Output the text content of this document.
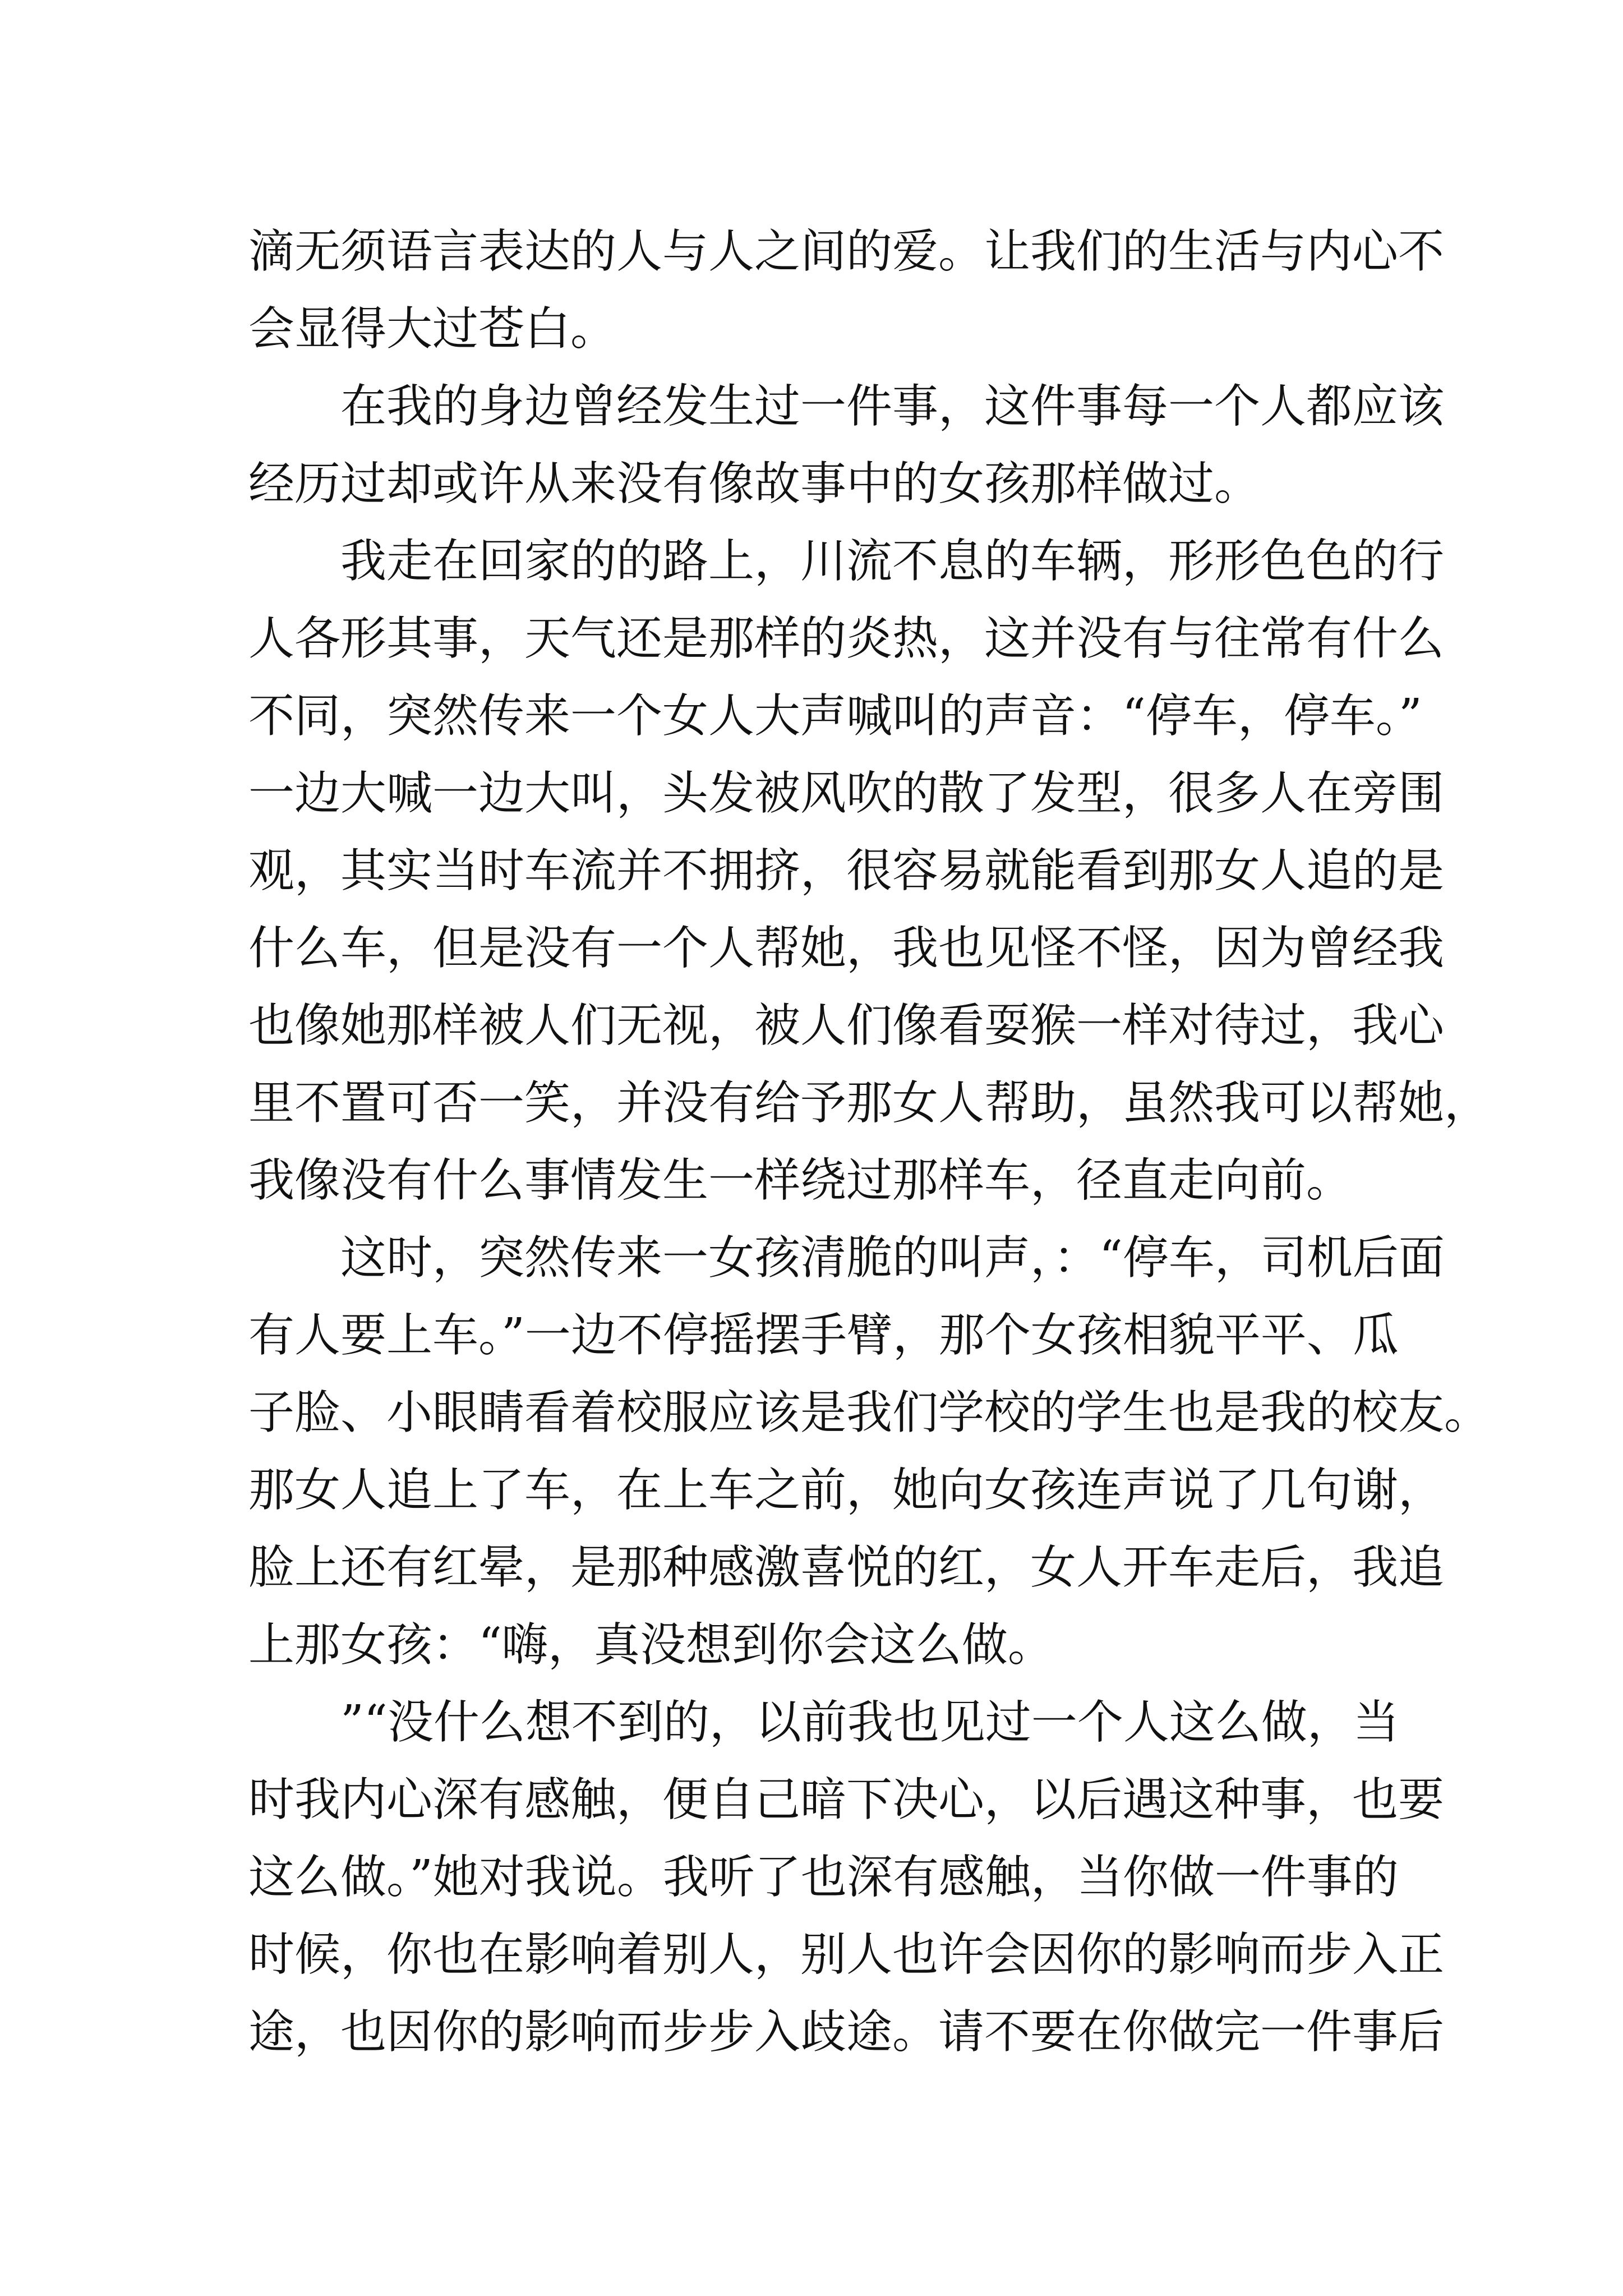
滴无须语言表达的人与人之间的爱。让我们的生活与内心不
会显得大过苍白。
在我的身边曾经发生过一件事，这件事每一个人都应该
经历过却或许从来没有像故事中的女孩那样做过。
我走在回家的的路上，川流不息的车辆，形形色色的行
人各形其事，天气还是那样的炎热，这并没有与往常有什么
不同，突然传来一个女人大声喊叫的声音：“停车，停车。”
一边大喊一边大叫，头发被风吹的散了发型，很多人在旁围
观，其实当时车流并不拥挤，很容易就能看到那女人追的是
什么车，但是没有一个人帮她，我也见怪不怪，因为曾经我
也像她那样被人们无视，被人们像看耍猴一样对待过，我心
里不置可否一笑，并没有给予那女人帮助，虽然我可以帮她，
我像没有什么事情发生一样绕过那样车，径直走向前。
这时，突然传来一女孩清脆的叫声，：“停车，司机后面
有人要上车。”一边不停摇摆手臂，那个女孩相貌平平、瓜
子脸、小眼睛看着校服应该是我们学校的学生也是我的校友。
那女人追上了车，在上车之前，她向女孩连声说了几句谢，
脸上还有红晕，是那种感激喜悦的红，女人开车走后，我追
上那女孩：“嗨，真没想到你会这么做。
”“没什么想不到的，以前我也见过一个人这么做，当
时我内心深有感触，便自己暗下决心，以后遇这种事，也要
这么做。”她对我说。我听了也深有感触，当你做一件事的
时候，你也在影响着别人，别人也许会因你的影响而步入正
途，也因你的影响而步步入歧途。请不要在你做完一件事后
